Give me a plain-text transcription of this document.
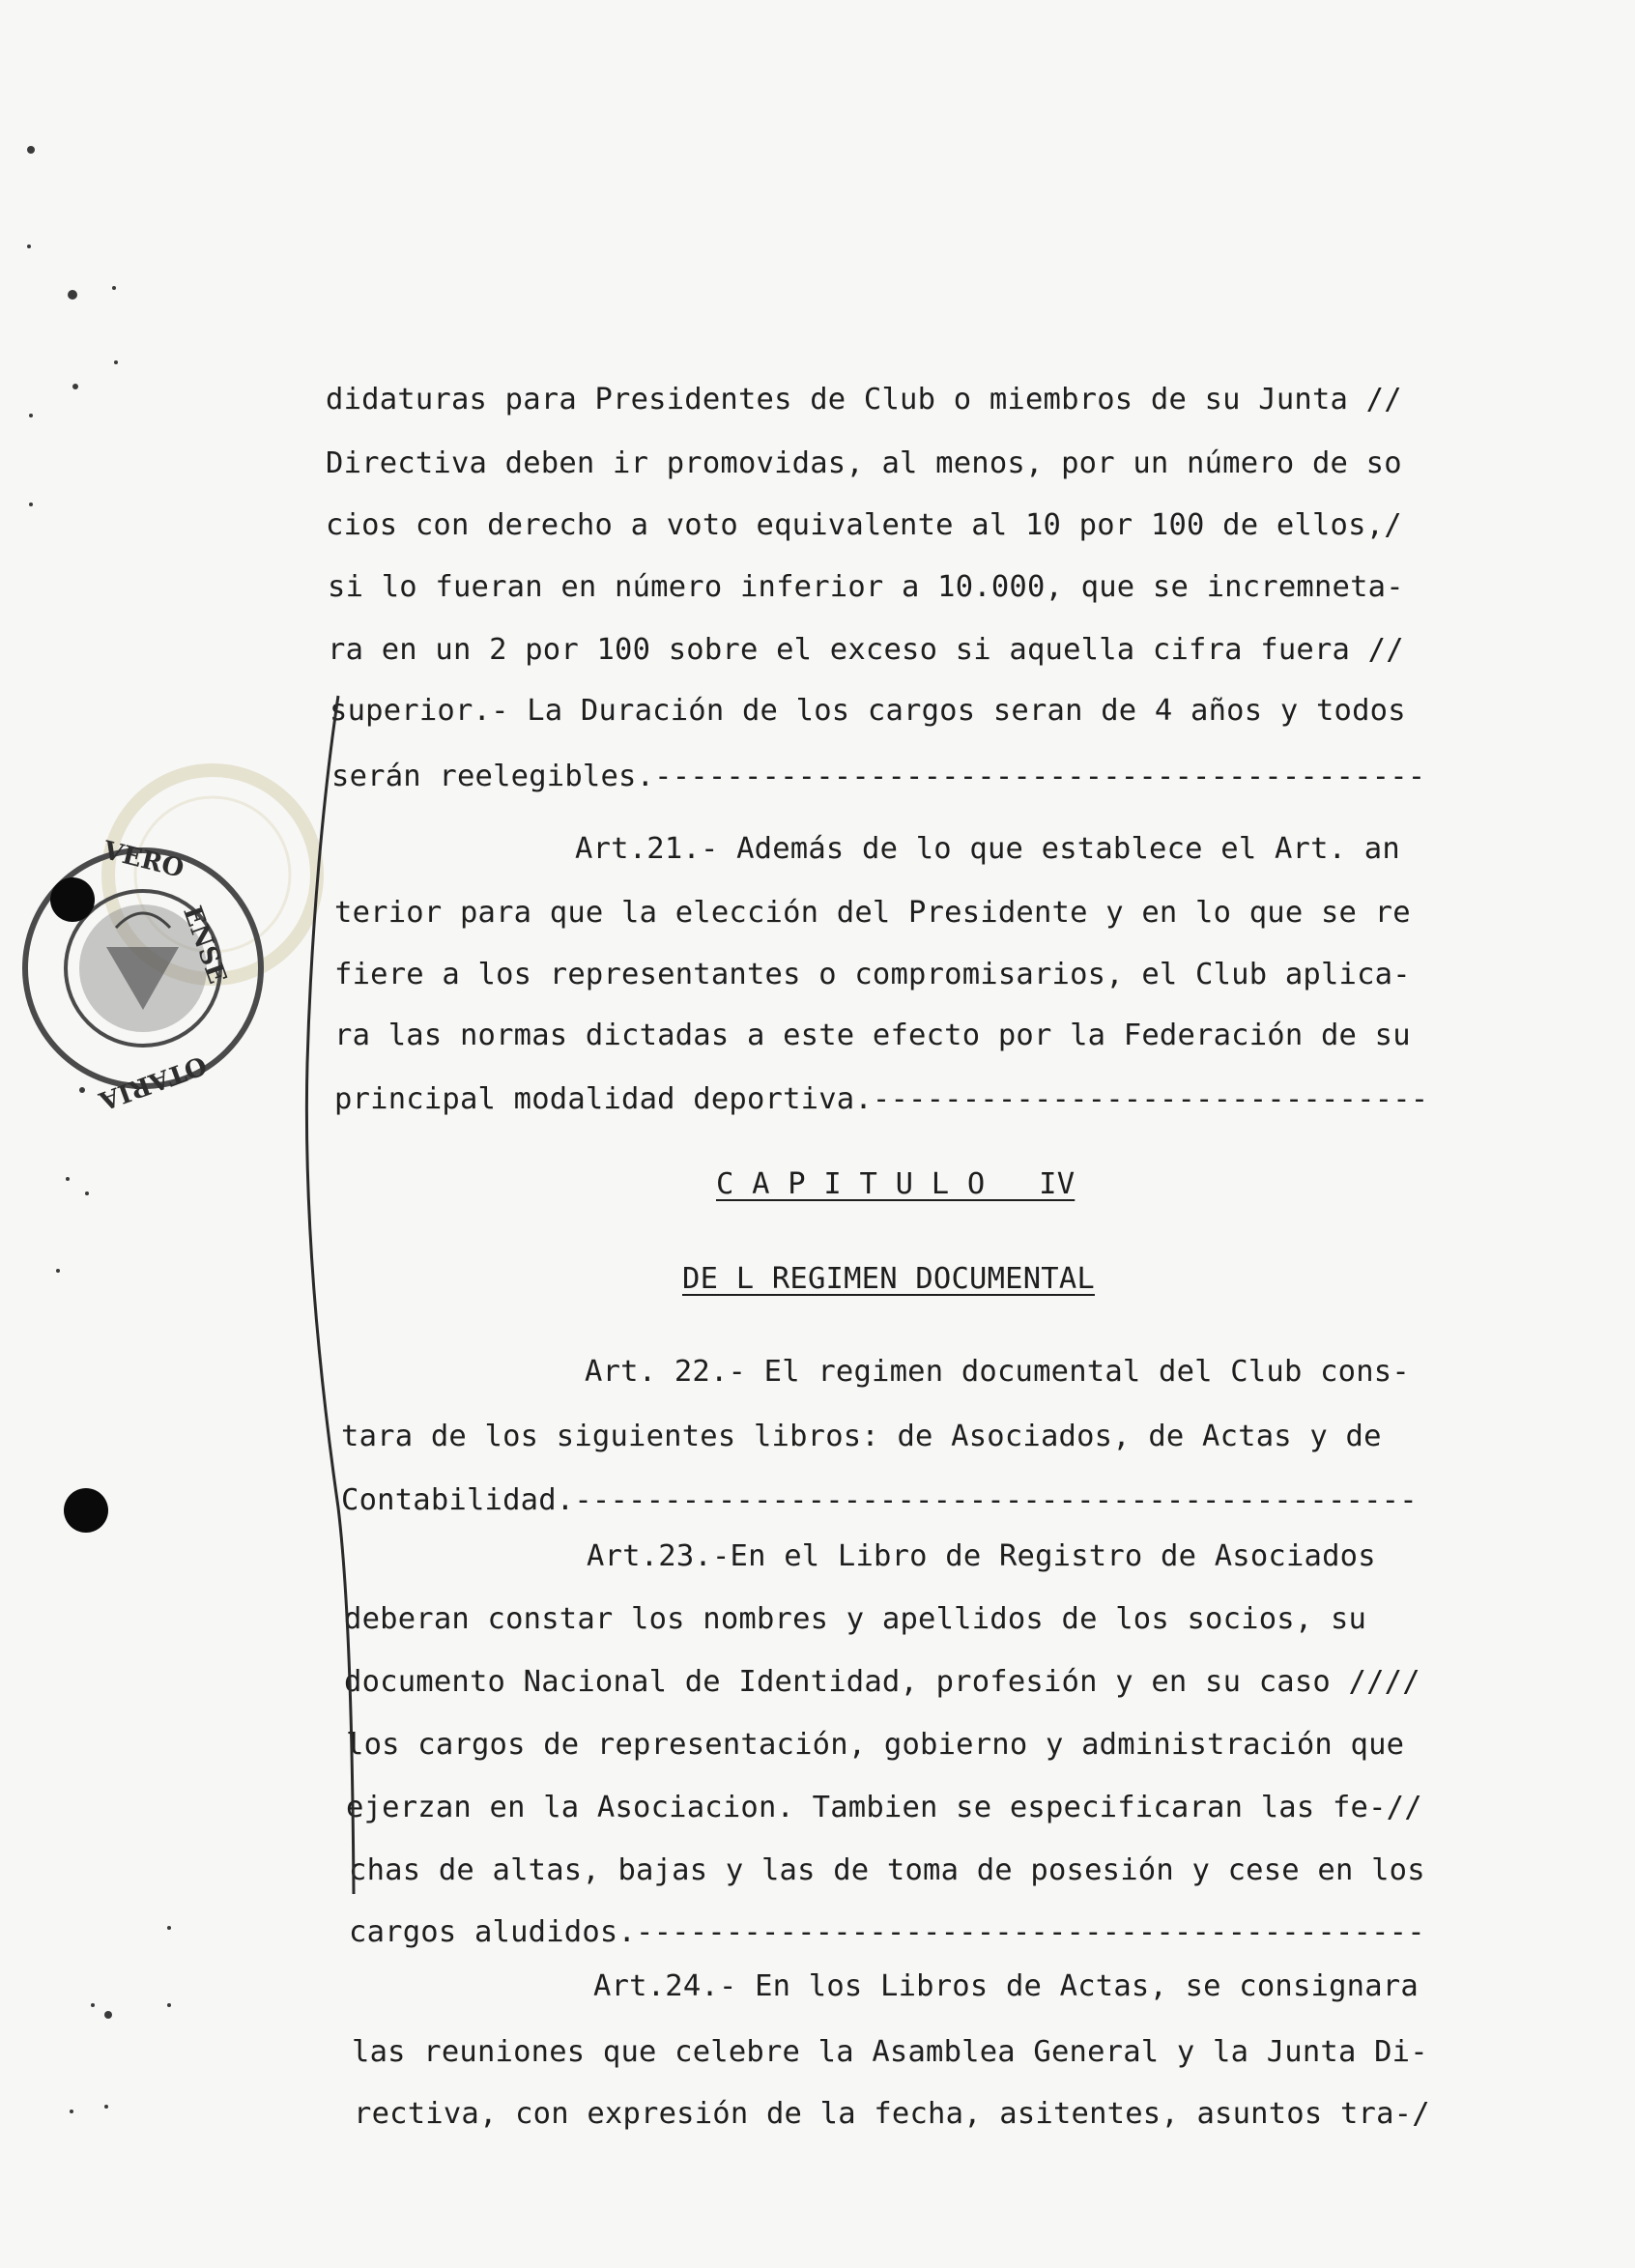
didaturas para Presidentes de Club o miembros de su Junta //
Directiva deben ir promovidas, al menos, por un número de so
cios con derecho a voto equivalente al 10 por 100 de ellos,/
si lo fueran en número inferior a 10.000, que se incremneta-
ra en un 2 por 100 sobre el exceso si aquella cifra fuera //
superior.- La Duración de los cargos seran de 4 años y todos
serán reelegibles.-------------------------------------------
Art.21.- Además de lo que establece el Art. an
terior para que la elección del Presidente y en lo que se re
fiere a los representantes o compromisarios, el Club aplica-
ra las normas dictadas a este efecto por la Federación de su
principal modalidad deportiva.-------------------------------
C A P I T U L O   IV
DE L REGIMEN DOCUMENTAL
Art. 22.- El regimen documental del Club cons-
tara de los siguientes libros: de Asociados, de Actas y de
Contabilidad.-----------------------------------------------
Art.23.-En el Libro de Registro de Asociados
deberan constar los nombres y apellidos de los socios, su
documento Nacional de Identidad, profesión y en su caso ////
los cargos de representación, gobierno y administración que
ejerzan en la Asociacion. Tambien se especificaran las fe-//
chas de altas, bajas y las de toma de posesión y cese en los
cargos aludidos.--------------------------------------------
Art.24.- En los Libros de Actas, se consignara
las reuniones que celebre la Asamblea General y la Junta Di-
rectiva, con expresión de la fecha, asitentes, asuntos tra-/
VERO
ENSE
OTARIA
